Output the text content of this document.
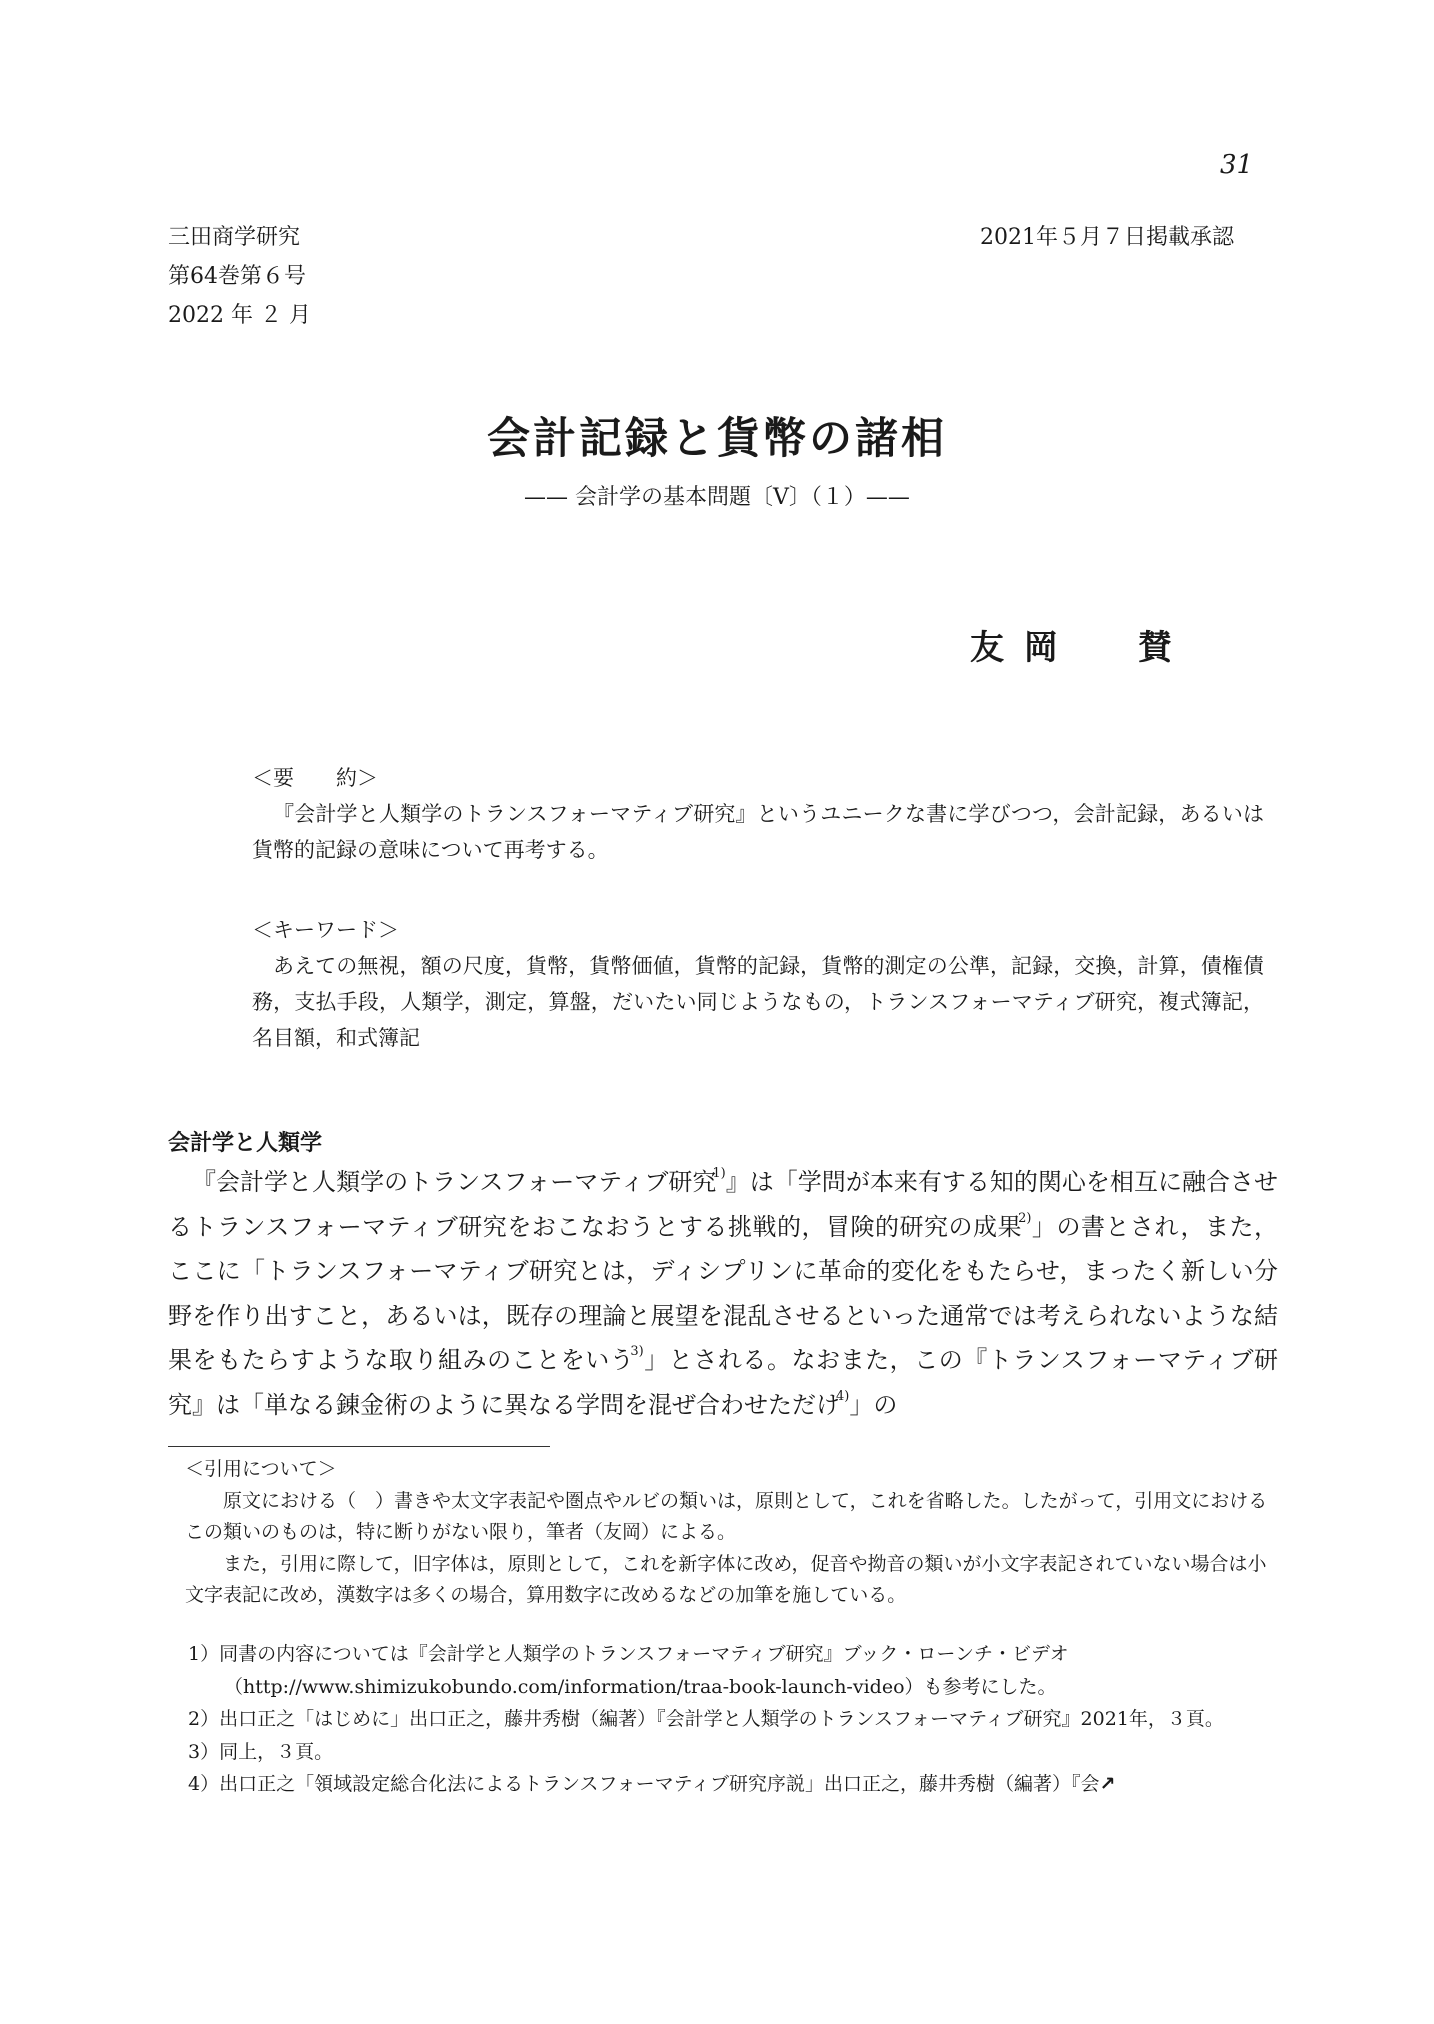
31
三田商学研究
第64巻第６号
2022 年 ２ 月
2021年５月７日掲載承認
会計記録と貨幣の諸相
—— 会計学の基本問題〔V〕（１）——
友 岡　　賛
＜要　　約＞

『会計学と人類学のトランスフォーマティブ研究』というユニークな書に学びつつ，会計記録，あるいは貨幣的記録の意味について再考する。

＜キーワード＞

あえての無視，額の尺度，貨幣，貨幣価値，貨幣的記録，貨幣的測定の公準，記録，交換，計算，債権債務，支払手段，人類学，測定，算盤，だいたい同じようなもの，トランスフォーマティブ研究，複式簿記，名目額，和式簿記

会計学と人類学

『会計学と人類学のトランスフォーマティブ研究$^{1)}$』は「学問が本来有する知的関心を相互に融合させるトランスフォーマティブ研究をおこなおうとする挑戦的，冒険的研究の成果$^{2)}$」の書とされ，また，ここに「トランスフォーマティブ研究とは，ディシプリンに革命的変化をもたらせ，まったく新しい分野を作り出すこと，あるいは，既存の理論と展望を混乱させるといった通常では考えられないような結果をもたらすような取り組みのことをいう$^{3)}$」とされる。なおまた，この『トランスフォーマティブ研究』は「単なる錬金術のように異なる学問を混ぜ合わせただけ$^{4)}$」の

＜引用について＞

原文における（　）書きや太文字表記や圏点やルビの類いは，原則として，これを省略した。したがって，引用文におけるこの類いのものは，特に断りがない限り，筆者（友岡）による。

また，引用に際して，旧字体は，原則として，これを新字体に改め，促音や拗音の類いが小文字表記されていない場合は小文字表記に改め，漢数字は多くの場合，算用数字に改めるなどの加筆を施している。

1）同書の内容については『会計学と人類学のトランスフォーマティブ研究』ブック・ローンチ・ビデオ（http://www.shimizukobundo.com/information/traa-book-launch-video）も参考にした。

2）出口正之「はじめに」出口正之，藤井秀樹（編著）『会計学と人類学のトランスフォーマティブ研究』2021年，３頁。

3）同上，３頁。

4）出口正之「領域設定総合化法によるトランスフォーマティブ研究序説」出口正之，藤井秀樹（編著）『会↗
